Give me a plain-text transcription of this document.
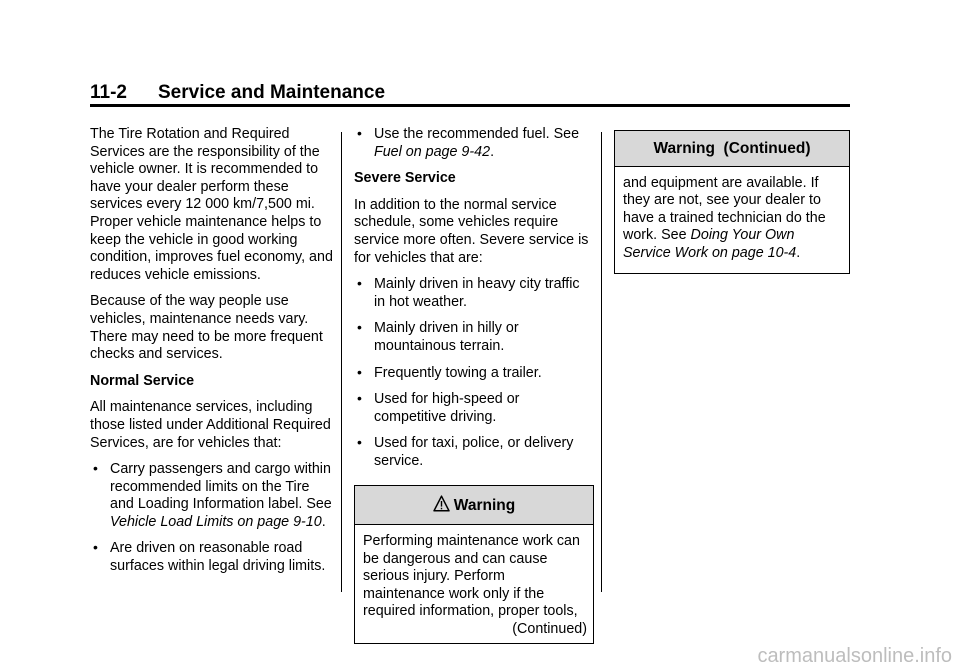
11-2 Service and Maintenance

The Tire Rotation and Required Services are the responsibility of the vehicle owner. It is recommended to have your dealer perform these services every 12 000 km/7,500 mi. Proper vehicle maintenance helps to keep the vehicle in good working condition, improves fuel economy, and reduces vehicle emissions.

Because of the way people use vehicles, maintenance needs vary. There may need to be more frequent checks and services.

Normal Service

All maintenance services, including those listed under Additional Required Services, are for vehicles that:

• Carry passengers and cargo within recommended limits on the Tire and Loading Information label. See Vehicle Load Limits on page 9-10.
• Are driven on reasonable road surfaces within legal driving limits.
• Use the recommended fuel. See Fuel on page 9-42.

Severe Service

In addition to the normal service schedule, some vehicles require service more often. Severe service is for vehicles that are:

• Mainly driven in heavy city traffic in hot weather.
• Mainly driven in hilly or mountainous terrain.
• Frequently towing a trailer.
• Used for high-speed or competitive driving.
• Used for taxi, police, or delivery service.
Warning
Performing maintenance work can be dangerous and can cause serious injury. Perform maintenance work only if the required information, proper tools,
(Continued)
Warning  (Continued)
and equipment are available. If they are not, see your dealer to have a trained technician do the work. See Doing Your Own Service Work on page 10-4.
carmanualsonline.info
